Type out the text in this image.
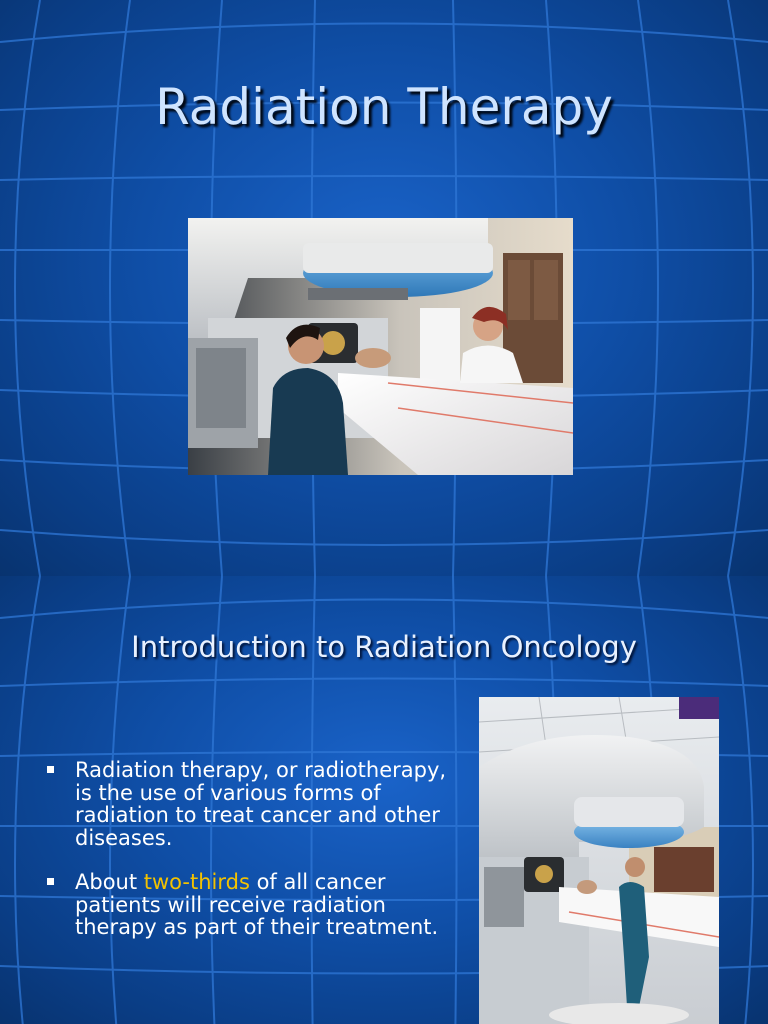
Radiation Therapy
Introduction to Radiation Oncology
Radiation therapy, or radiotherapy, is the use of various forms of radiation to treat cancer and other diseases.
About two-thirds of all cancer patients will receive radiation therapy as part of their treatment.
